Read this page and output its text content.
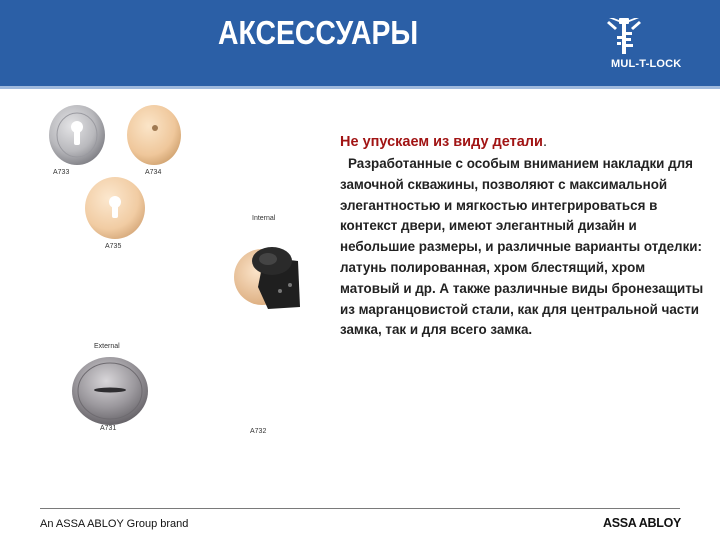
АКСЕССУАРЫ
MUL-T-LOCK
A733	A734
A735
Internal
A732
External
A731
Не упускаем из виду детали.
Разработанные с особым вниманием накладки для замочной скважины, позволяют с максимальной элегантностью и мягкостью интегрироваться в контекст двери, имеют элегантный дизайн и небольшие размеры, и различные варианты отделки: латунь полированная, хром блестящий, хром матовый и др. А также различные виды бронезащиты из марганцовистой стали, как для центральной части замка, так и для всего замка.
An ASSA ABLOY Group brand	ASSA ABLOY
